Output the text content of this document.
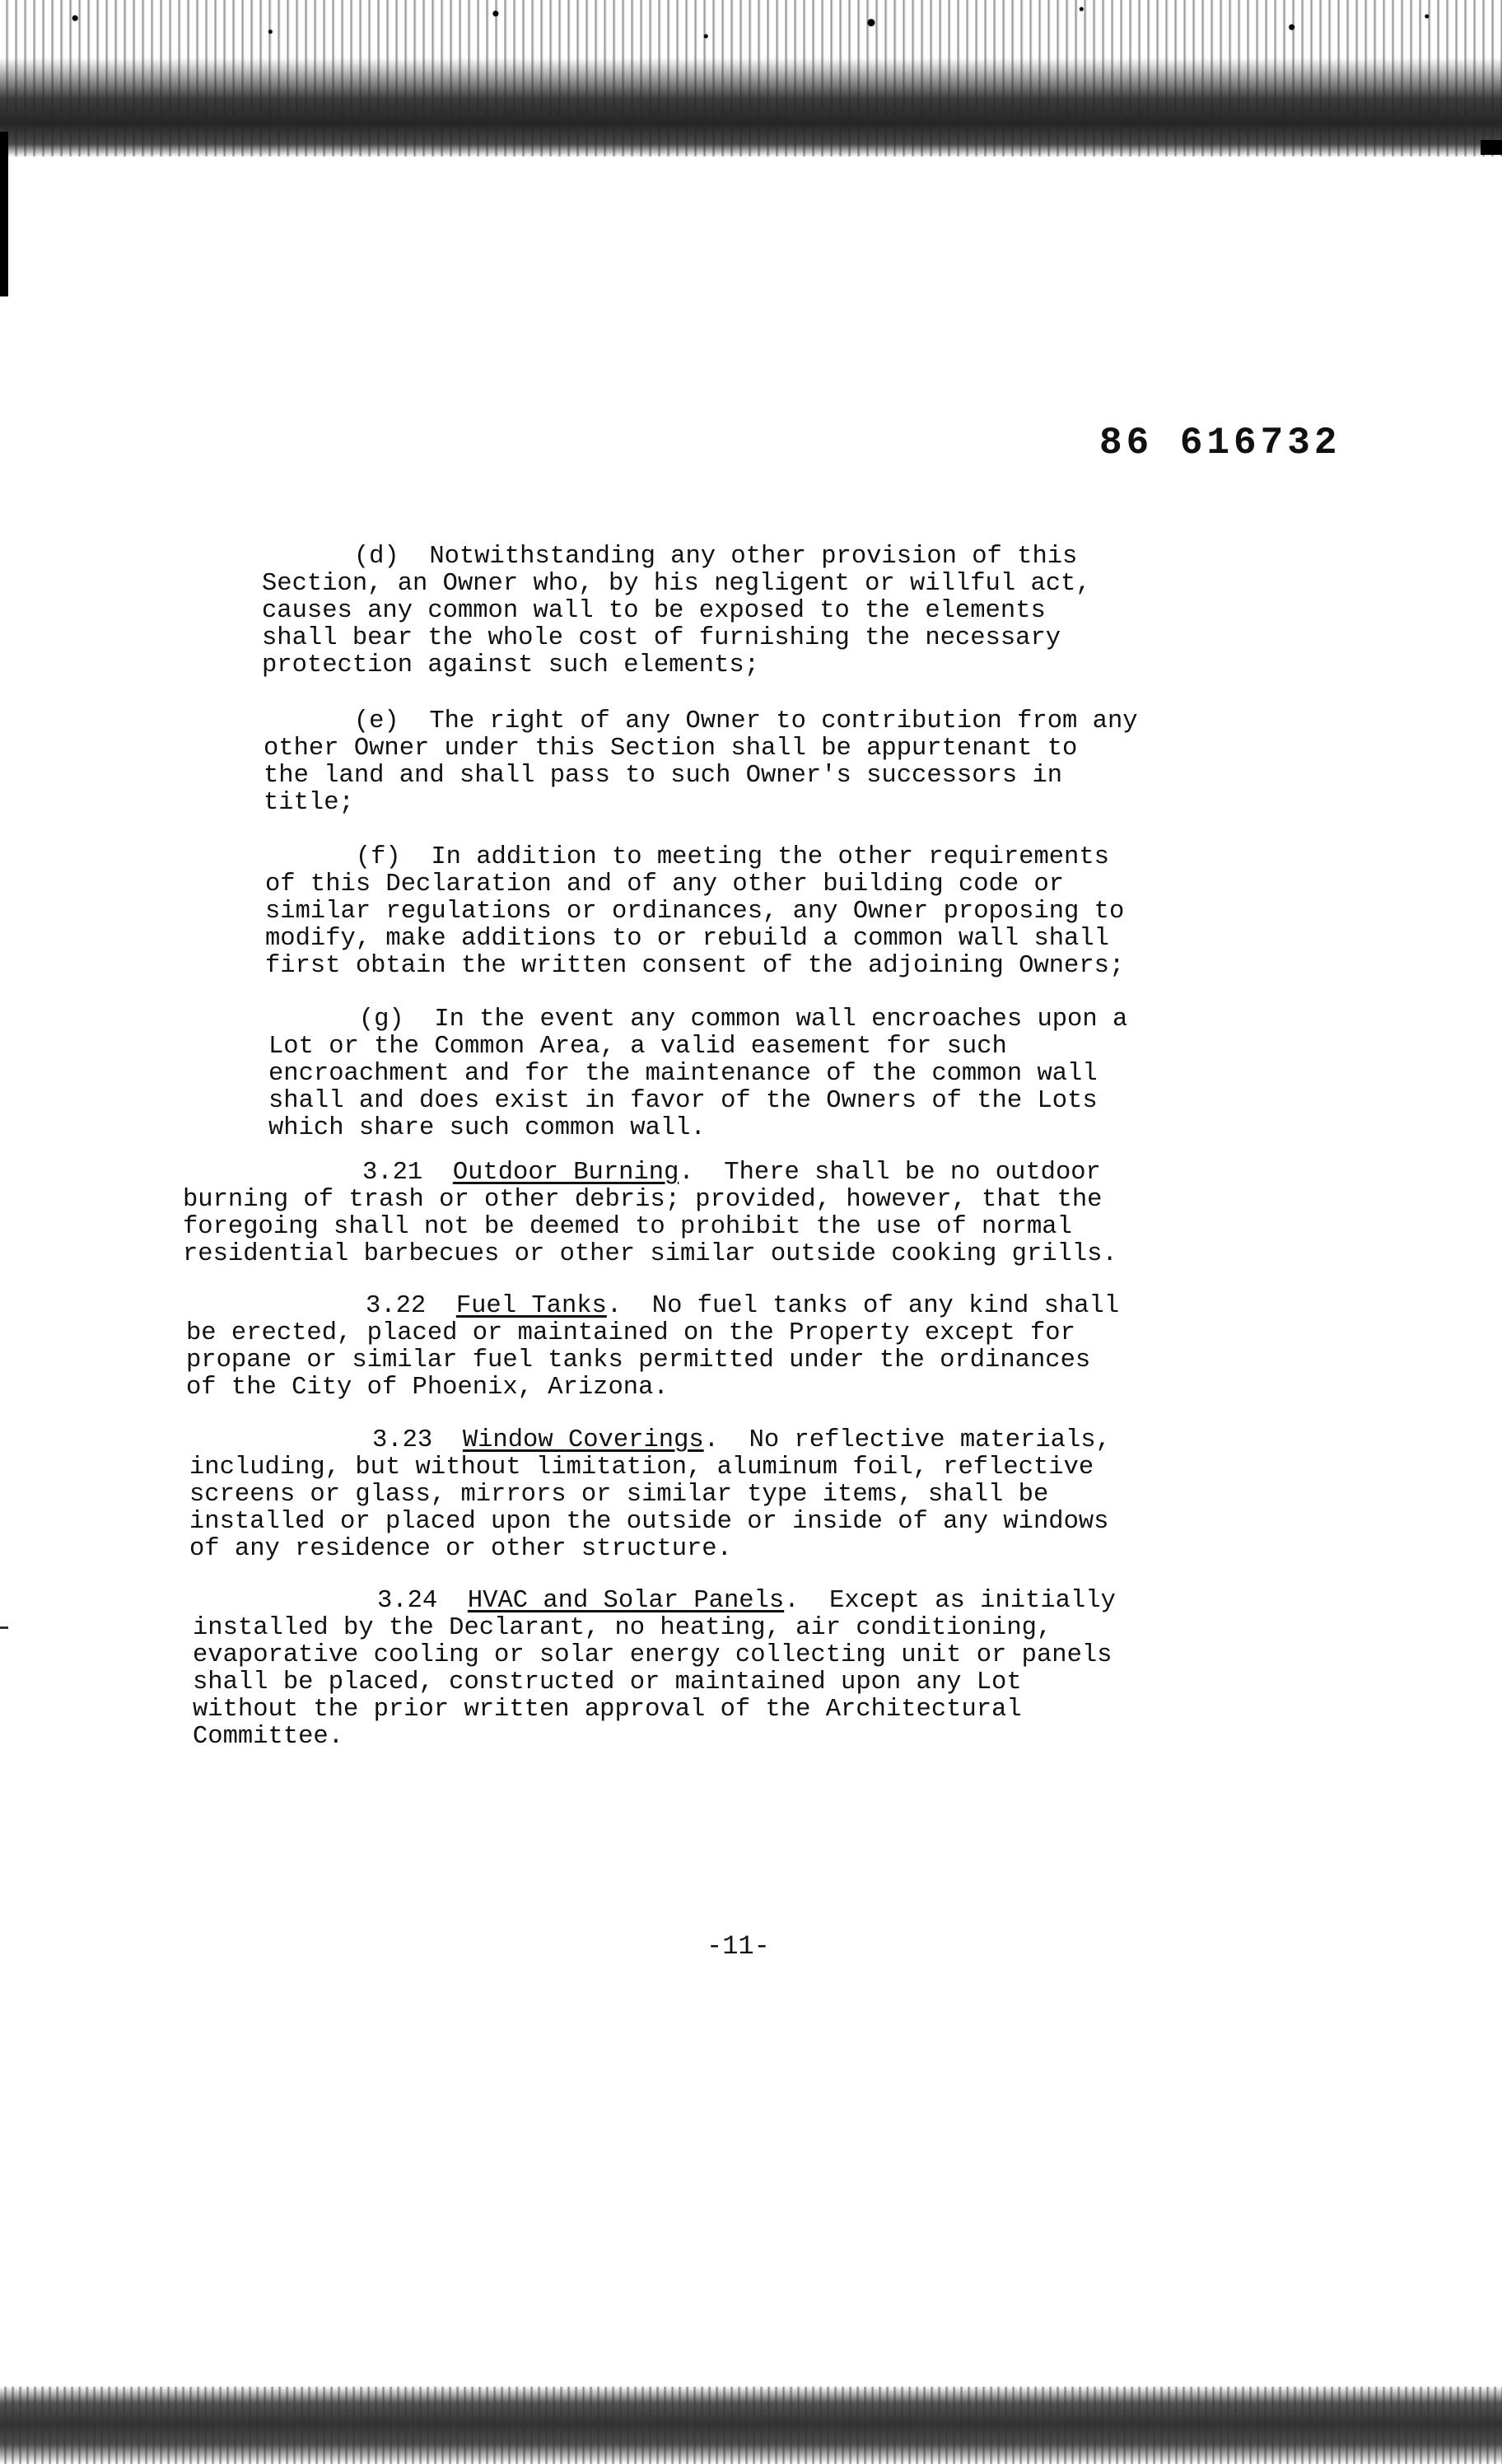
86 616732

(d)  Notwithstanding any other provision of this

Section, an Owner who, by his negligent or willful act,

causes any common wall to be exposed to the elements

shall bear the whole cost of furnishing the necessary

protection against such elements;

(e)  The right of any Owner to contribution from any

other Owner under this Section shall be appurtenant to

the land and shall pass to such Owner's successors in

title;

(f)  In addition to meeting the other requirements

of this Declaration and of any other building code or

similar regulations or ordinances, any Owner proposing to

modify, make additions to or rebuild a common wall shall

first obtain the written consent of the adjoining Owners;

(g)  In the event any common wall encroaches upon a

Lot or the Common Area, a valid easement for such

encroachment and for the maintenance of the common wall

shall and does exist in favor of the Owners of the Lots

which share such common wall.

3.21 Outdoor Burning.  There shall be no outdoor

burning of trash or other debris; provided, however, that the

foregoing shall not be deemed to prohibit the use of normal

residential barbecues or other similar outside cooking grills.

3.22 Fuel Tanks.  No fuel tanks of any kind shall

be erected, placed or maintained on the Property except for

propane or similar fuel tanks permitted under the ordinances

of the City of Phoenix, Arizona.

3.23 Window Coverings.  No reflective materials,

including, but without limitation, aluminum foil, reflective

screens or glass, mirrors or similar type items, shall be

installed or placed upon the outside or inside of any windows

of any residence or other structure.

3.24 HVAC and Solar Panels.  Except as initially

installed by the Declarant, no heating, air conditioning,

evaporative cooling or solar energy collecting unit or panels

shall be placed, constructed or maintained upon any Lot

without the prior written approval of the Architectural

Committee.

-11-
